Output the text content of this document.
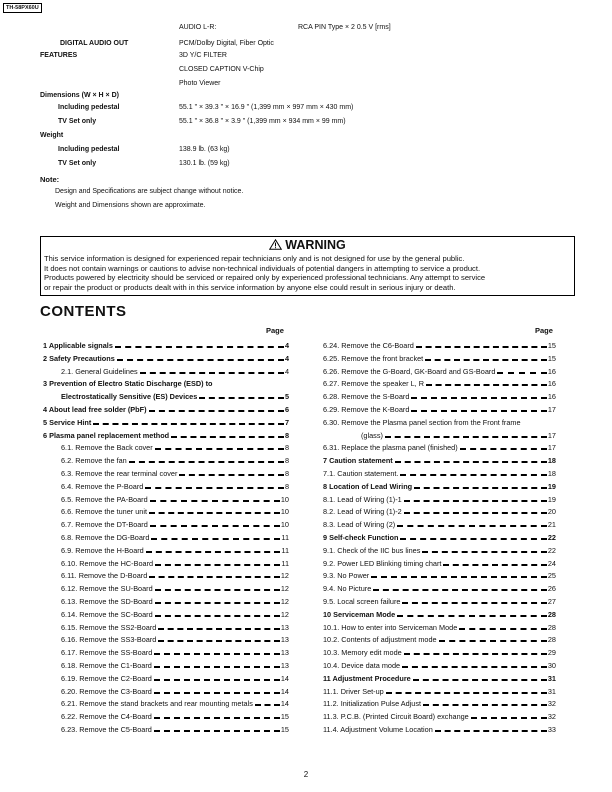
TH-58PX60U
AUDIO L-R:	RCA PIN Type × 2 0.5 V [rms]
DIGITAL AUDIO OUT	PCM/Dolby Digital, Fiber Optic
FEATURES	3D Y/C FILTER
CLOSED CAPTION V-Chip
Photo Viewer
Dimensions (W × H × D)
Including pedestal	55.1 " × 39.3 " × 16.9 " (1,399 mm × 997 mm × 430 mm)
TV Set only	55.1 " × 36.8 " × 3.9 " (1,399 mm × 934 mm × 99 mm)
Weight
Including pedestal	138.9 lb. (63 kg)
TV Set only	130.1 lb. (59 kg)
Note:
Design and Specifications are subject change without notice.
Weight and Dimensions shown are approximate.
WARNING
This service information is designed for experienced repair technicians only and is not designed for use by the general public.
It does not contain warnings or cautions to advise non-technical individuals of potential dangers in attempting to service a product.
Products powered by electricity should be serviced or repaired only by experienced professional technicians. Any attempt to service
or repair the product or products dealt with in this service information by anyone else could result in serious injury or death.
CONTENTS
Page	Page
1 Applicable signals	4
2 Safety Precautions	4
2.1. General Guidelines	4
3 Prevention of Electro Static Discharge (ESD) to
Electrostatically Sensitive (ES) Devices	5
4 About lead free solder (PbF)	6
5 Service Hint	7
6 Plasma panel replacement method	8
6.1. Remove the Back cover	8
6.2. Remove the fan	8
6.3. Remove the rear terminal cover	8
6.4. Remove the P-Board	8
6.5. Remove the PA-Board	10
6.6. Remove the tuner unit	10
6.7. Remove the DT-Board	10
6.8. Remove the DG-Board	11
6.9. Remove the H-Board	11
6.10. Remove the HC-Board	11
6.11. Remove the D-Board	12
6.12. Remove the SU-Board	12
6.13. Remove the SD-Board	12
6.14. Remove the SC-Board	12
6.15. Remove the SS2-Board	13
6.16. Remove the SS3-Board	13
6.17. Remove the SS-Board	13
6.18. Remove the C1-Board	13
6.19. Remove the C2-Board	14
6.20. Remove the C3-Board	14
6.21. Remove the stand brackets and rear mounting metals	14
6.22. Remove the C4-Board	15
6.23. Remove the C5-Board	15
6.24. Remove the C6-Board	15
6.25. Remove the front bracket	15
6.26. Remove the G-Board, GK-Board and GS-Board	16
6.27. Remove the speaker L, R	16
6.28. Remove the S-Board	16
6.29. Remove the K-Board	17
6.30. Remove the Plasma panel section from the Front frame
(glass)	17
6.31. Replace the plasma panel (finished)	17
7 Caution statement	18
7.1. Caution statement.	18
8 Location of Lead Wiring	19
8.1. Lead of Wiring (1)-1	19
8.2. Lead of Wiring (1)-2	20
8.3. Lead of Wiring (2)	21
9 Self-check Function	22
9.1. Check of the IIC bus lines	22
9.2. Power LED Blinking timing chart	24
9.3. No Power	25
9.4. No Picture	26
9.5. Local screen failure	27
10 Serviceman Mode	28
10.1. How to enter into Serviceman Mode	28
10.2. Contents of adjustment mode	28
10.3. Memory edit mode	29
10.4. Device data mode	30
11 Adjustment Procedure	31
11.1. Driver Set-up	31
11.2. Initialization Pulse Adjust	32
11.3. P.C.B. (Printed Circuit Board) exchange	32
11.4. Adjustment Volume Location	33
2
